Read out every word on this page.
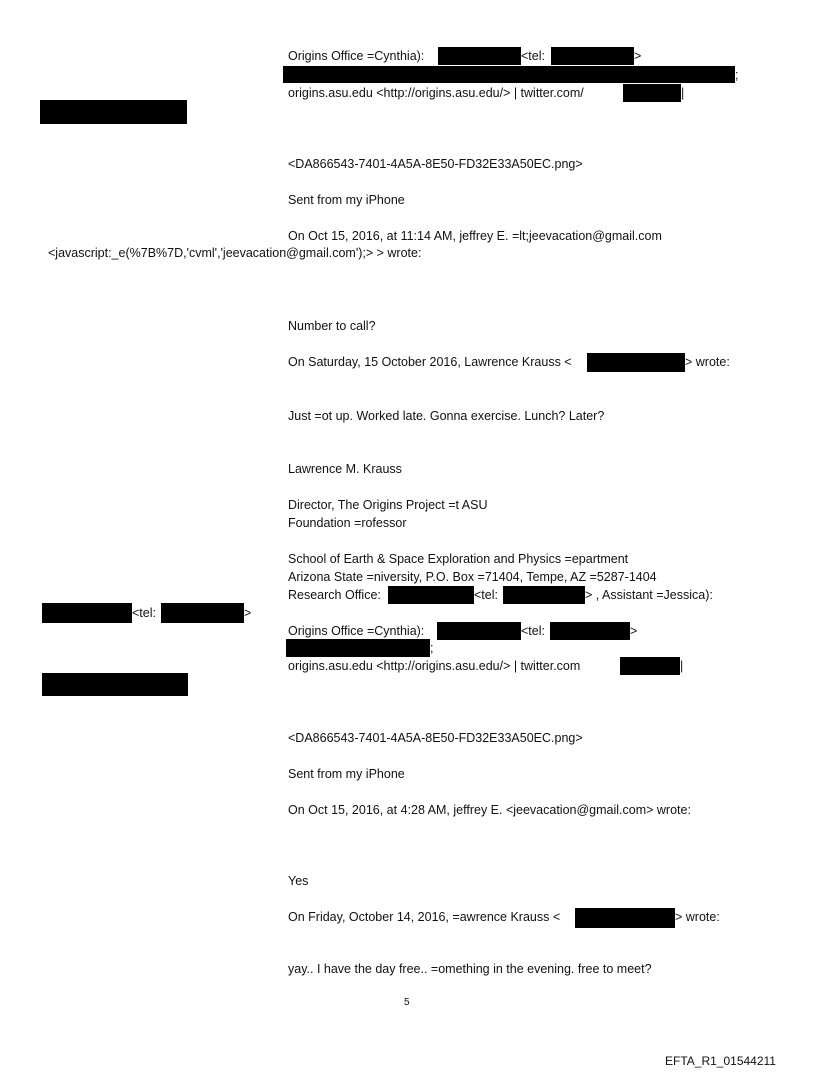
Origins Office =Cynthia):	<tel:	>
;
origins.asu.edu <http://origins.asu.edu/> | twitter.com/	|
<DA866543-7401-4A5A-8E50-FD32E33A50EC.png>
Sent from my iPhone
On Oct 15, 2016, at 11:14 AM, jeffrey E. =lt;jeevacation@gmail.com
<javascript:_e(%7B%7D,'cvml','jeevacation@gmail.com');> > wrote:
Number to call?
On Saturday, 15 October 2016, Lawrence Krauss <	> wrote:
Just =ot up. Worked late. Gonna exercise. Lunch? Later?
Lawrence M. Krauss
Director, The Origins Project =t ASU
Foundation =rofessor
School of Earth & Space Exploration and Physics =epartment
Arizona State =niversity, P.O. Box =71404, Tempe, AZ =5287-1404
Research Office:	<tel:	> , Assistant =Jessica):
<tel:	>
Origins Office =Cynthia):	<tel:	>
;
origins.asu.edu <http://origins.asu.edu/> | twitter.com	|
<DA866543-7401-4A5A-8E50-FD32E33A50EC.png>
Sent from my iPhone
On Oct 15, 2016, at 4:28 AM, jeffrey E. <jeevacation@gmail.com> wrote:
Yes
On Friday, October 14, 2016, =awrence Krauss <	> wrote:
yay.. I have the day free.. =omething in the evening. free to meet?
5
EFTA_R1_01544211
